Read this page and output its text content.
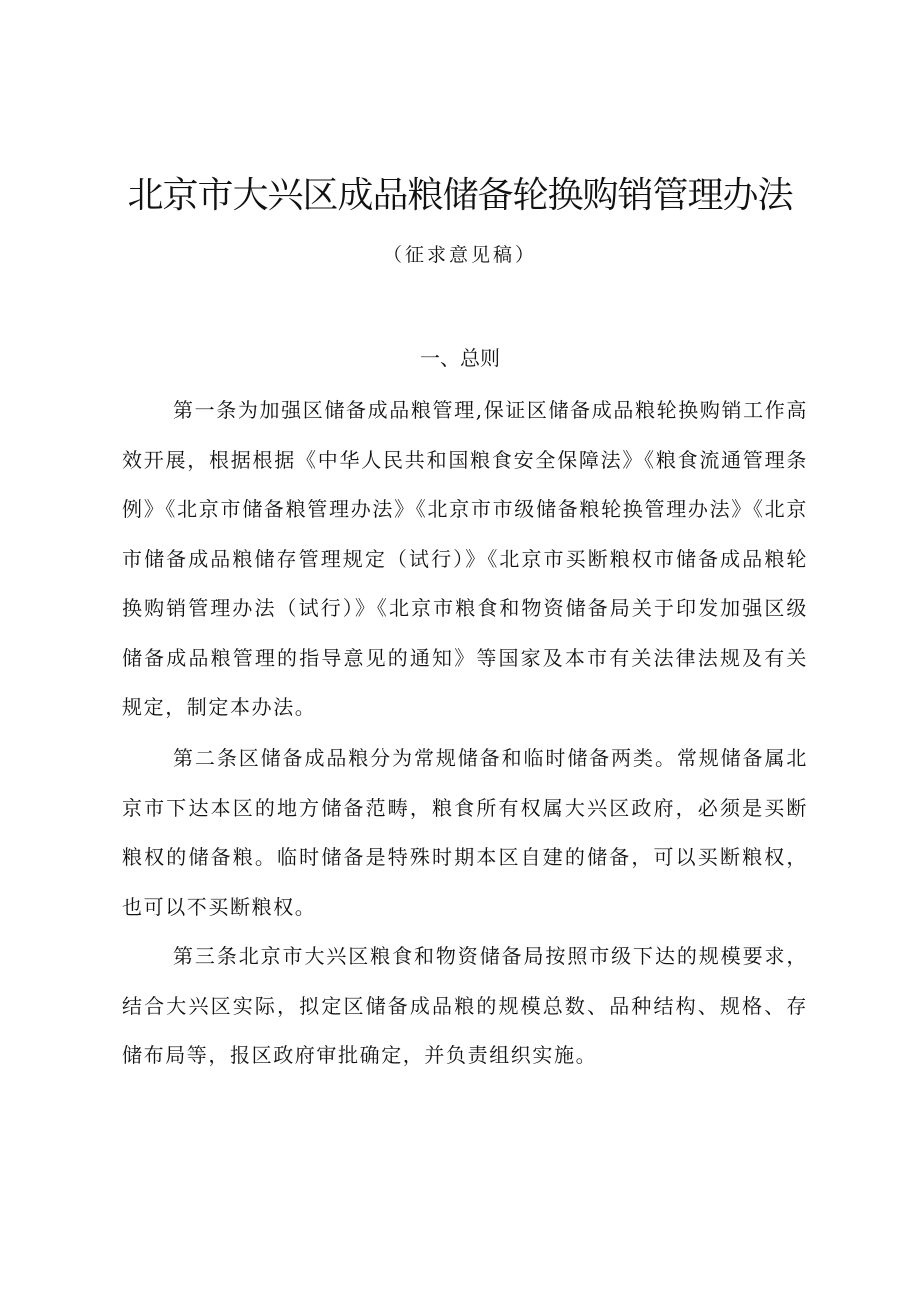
北京市大兴区成品粮储备轮换购销管理办法
（征求意见稿）
一、总则

第一条为加强区储备成品粮管理,保证区储备成品粮轮换购销工作高效开展，根据根据《中华人民共和国粮食安全保障法》《粮食流通管理条例》《北京市储备粮管理办法》《北京市市级储备粮轮换管理办法》《北京市储备成品粮储存管理规定（试行）》《北京市买断粮权市储备成品粮轮换购销管理办法（试行）》《北京市粮食和物资储备局关于印发加强区级储备成品粮管理的指导意见的通知》等国家及本市有关法律法规及有关规定，制定本办法。

第二条区储备成品粮分为常规储备和临时储备两类。常规储备属北京市下达本区的地方储备范畴，粮食所有权属大兴区政府，必须是买断粮权的储备粮。临时储备是特殊时期本区自建的储备，可以买断粮权，也可以不买断粮权。

第三条北京市大兴区粮食和物资储备局按照市级下达的规模要求，结合大兴区实际，拟定区储备成品粮的规模总数、品种结构、规格、存储布局等，报区政府审批确定，并负责组织实施。
